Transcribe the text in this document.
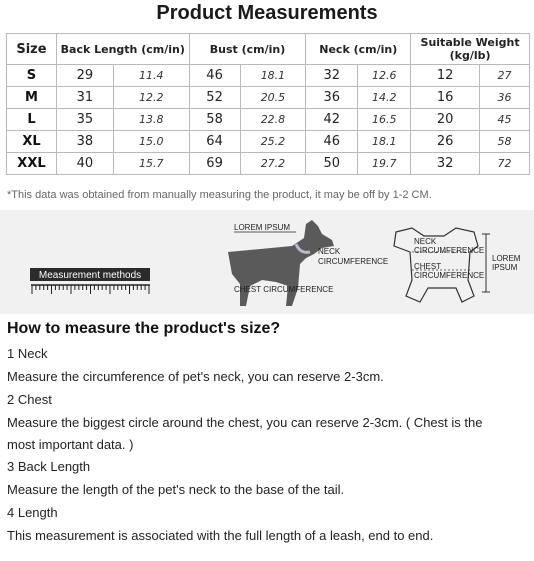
Product Measurements
Size	Back Length (cm/in)		Bust (cm/in)		Neck (cm/in)		Suitable Weight (kg/lb)	
S	29	11.4	46	18.1	32	12.6	12	27
M	31	12.2	52	20.5	36	14.2	16	36
L	35	13.8	58	22.8	42	16.5	20	45
XL	38	15.0	64	25.2	46	18.1	26	58
XXL	40	15.7	69	27.2	50	19.7	32	72
*This data was obtained from manually measuring the product, it may be off by 1-2 CM.
Measurement methods
LOREM IPSUM
NECK
CIRCUMFERENCE
CHEST CIRCUMFERENCE
NECK
CIRCUMFERENCE
CHEST
CIRCUMFERENCE
LOREM
IPSUM
How to measure the product's size?
1 Neck
Measure the circumference of pet's neck, you can reserve 2-3cm.
2 Chest
Measure the biggest circle around the chest, you can reserve 2-3cm. ( Chest is the
most important data. )
3 Back Length
Measure the length of the pet's neck to the base of the tail.
4 Length
This measurement is associated with the full length of a leash, end to end.
